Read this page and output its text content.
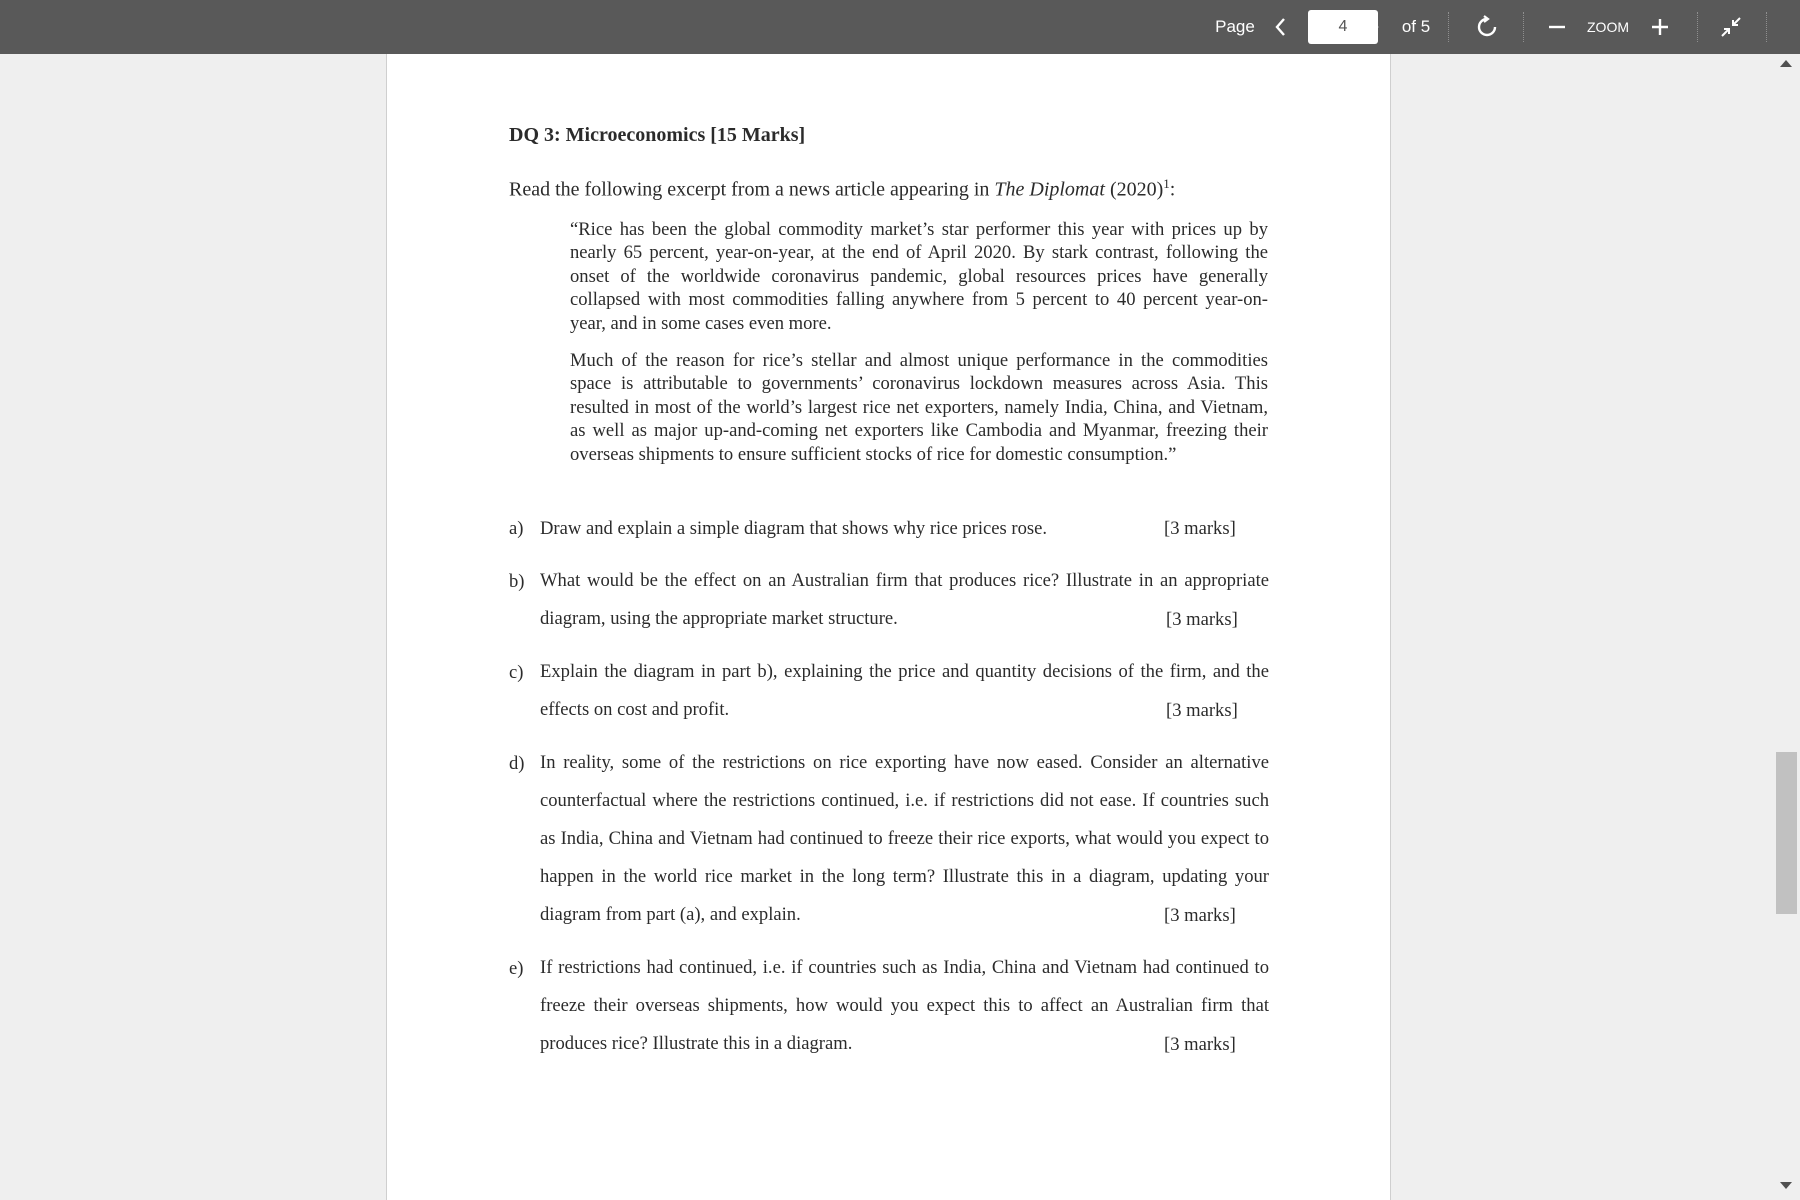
Page
4	of 5	ZOOM
DQ 3: Microeconomics [15 Marks]
Read the following excerpt from a news article appearing in The Diplomat $(2020)^1$:

“Rice has been the global commodity market’s star performer this year with prices up by nearly 65 percent, year-on-year, at the end of April 2020. By stark contrast, following the onset of the worldwide coronavirus pandemic, global resources prices have generally collapsed with most commodities falling anywhere from 5 percent to 40 percent year-on-year, and in some cases even more.

Much of the reason for rice’s stellar and almost unique performance in the commodities space is attributable to governments’ coronavirus lockdown measures across Asia. This resulted in most of the world’s largest rice net exporters, namely India, China, and Vietnam, as well as major up-and-coming net exporters like Cambodia and Myanmar, freezing their overseas shipments to ensure sufficient stocks of rice for domestic consumption.”

a) Draw and explain a simple diagram that shows why rice prices rose.	[3 marks]
b) What would be the effect on an Australian firm that produces rice? Illustrate in an appropriate diagram, using the appropriate market structure.	[3 marks]
c) Explain the diagram in part b), explaining the price and quantity decisions of the firm, and the effects on cost and profit.	[3 marks]
d) In reality, some of the restrictions on rice exporting have now eased. Consider an alternative counterfactual where the restrictions continued, i.e. if restrictions did not ease. If countries such as India, China and Vietnam had continued to freeze their rice exports, what would you expect to happen in the world rice market in the long term? Illustrate this in a diagram, updating your diagram from part (a), and explain.	[3 marks]
e) If restrictions had continued, i.e. if countries such as India, China and Vietnam had continued to freeze their overseas shipments, how would you expect this to affect an Australian firm that produces rice? Illustrate this in a diagram.	[3 marks]
